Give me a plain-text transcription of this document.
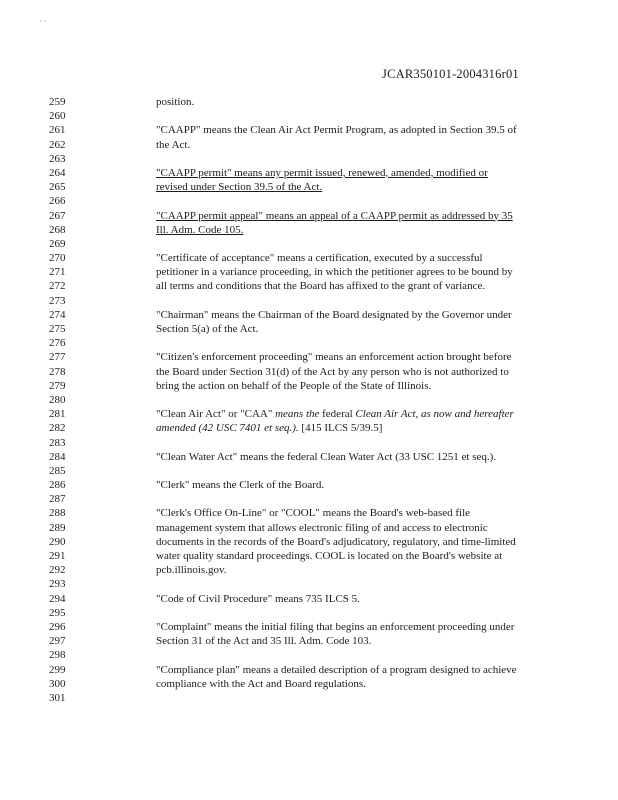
, ,
JCAR350101-2004316r01
259
260
261
262
263
264
265
266
267
268
269
270
271
272
273
274
275
276
277
278
279
280
281
282
283
284
285
286
287
288
289
290
291
292
293
294
295
296
297
298
299
300
301
position.
"CAAPP" means the Clean Air Act Permit Program, as adopted in Section 39.5 of
the Act.
"CAAPP permit" means any permit issued, renewed, amended, modified or
revised under Section 39.5 of the Act.
"CAAPP permit appeal" means an appeal of a CAAPP permit as addressed by 35
Ill. Adm. Code 105.
"Certificate of acceptance" means a certification, executed by a successful
petitioner in a variance proceeding, in which the petitioner agrees to be bound by
all terms and conditions that the Board has affixed to the grant of variance.
"Chairman" means the Chairman of the Board designated by the Governor under
Section 5(a) of the Act.
"Citizen's enforcement proceeding" means an enforcement action brought before
the Board under Section 31(d) of the Act by any person who is not authorized to
bring the action on behalf of the People of the State of Illinois.
"Clean Air Act" or "CAA" means the federal Clean Air Act, as now and hereafter
amended (42 USC 7401 et seq.). [415 ILCS 5/39.5]
"Clean Water Act" means the federal Clean Water Act (33 USC 1251 et seq.).
"Clerk" means the Clerk of the Board.
"Clerk's Office On-Line" or "COOL" means the Board's web-based file
management system that allows electronic filing of and access to electronic
documents in the records of the Board's adjudicatory, regulatory, and time-limited
water quality standard proceedings. COOL is located on the Board's website at
pcb.illinois.gov.
"Code of Civil Procedure" means 735 ILCS 5.
"Complaint" means the initial filing that begins an enforcement proceeding under
Section 31 of the Act and 35 Ill. Adm. Code 103.
"Compliance plan" means a detailed description of a program designed to achieve
compliance with the Act and Board regulations.
